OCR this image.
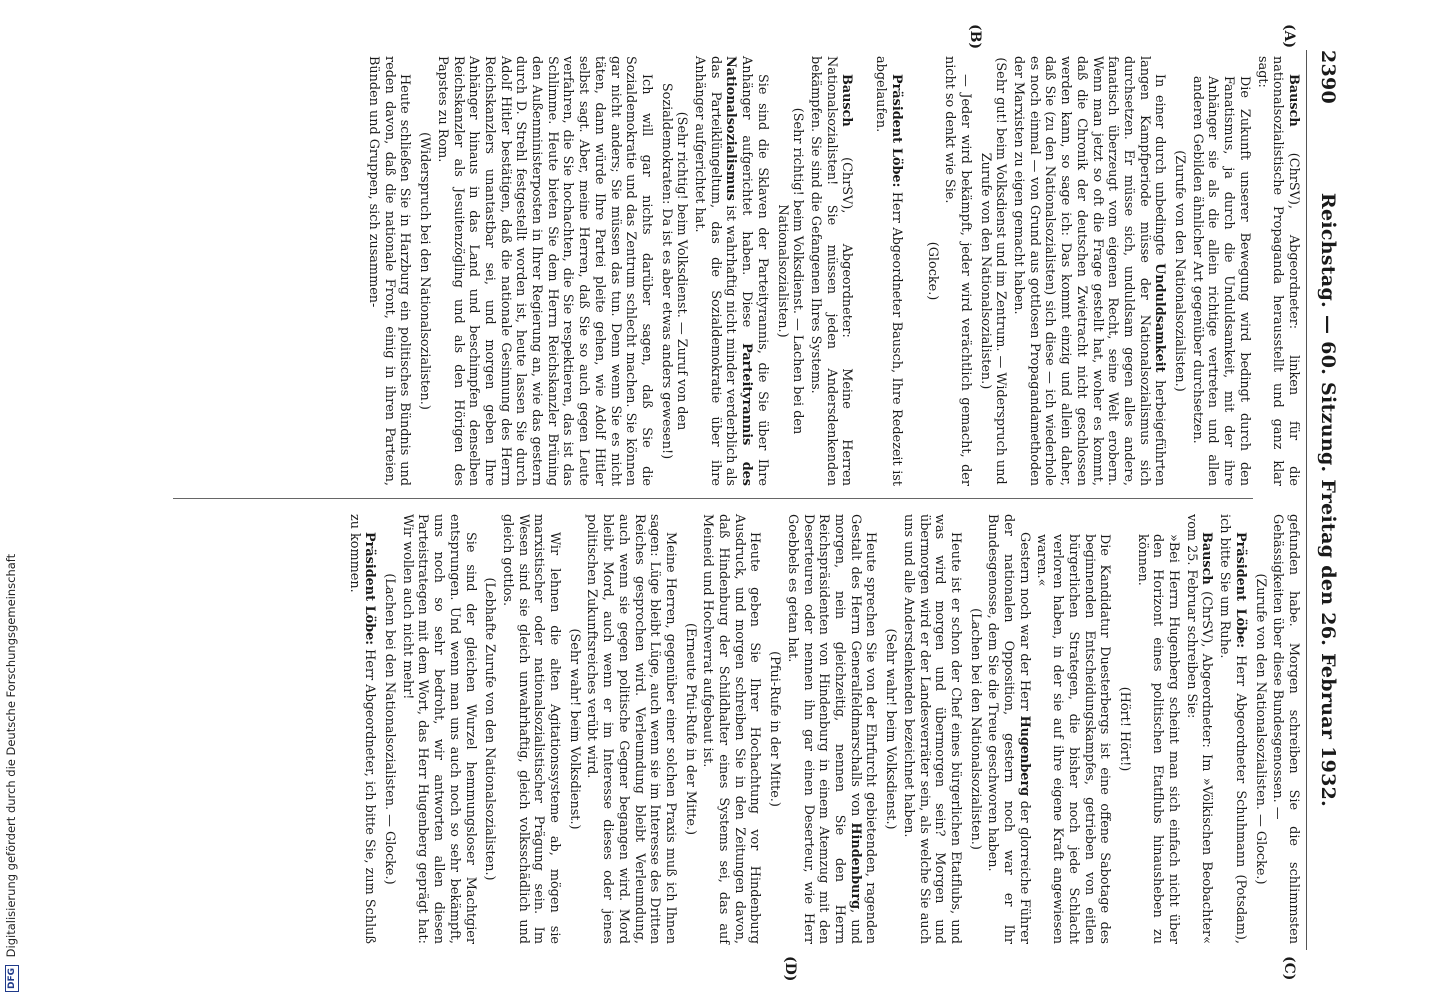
DFG Digitalisierung gefördert durch die Deutsche Forschungsgemeinschaft
2390
Reichstag. — 60. Sitzung. Freitag den 26. Februar 1932.
(A)
(B)
(C)
(D)

Bausch (ChrSV), Abgeordneter: linken für die nationalsozialistische Propaganda herausstellt und ganz klar sagt:

Die Zukunft unserer Bewegung wird bedingt durch den Fanatismus, ja durch die Unduldsamkeit, mit der ihre Anhänger sie als die allein richtige vertreten und allen anderen Gebilden ähnlicher Art gegenüber durchsetzen.

(Zurufe von den Nationalsozialisten.)

In einer durch unbedingte Unduldsamkeit herbeigeführten langen Kampfperiode müsse der Nationalsozialismus sich durchsetzen. Er müsse sich, unduldsam gegen alles andere, fanatisch überzeugt vom eigenen Recht, seine Welt erobern. Wenn man jetzt so oft die Frage gestellt hat, woher es kommt, daß die Chronik der deutschen Zwietracht nicht geschlossen werden kann, so sage ich: Das kommt einzig und allein daher, daß Sie (zu den Nationalsozialisten) sich diese — ich wiederhole es noch einmal — von Grund aus gottlosen Propagandamethoden der Marxisten zu eigen gemacht haben.

(Sehr gut! beim Volksdienst und im Zentrum. — Widerspruch und Zurufe von den Nationalsozialisten.)

— Jeder wird bekämpft, jeder wird verächtlich gemacht, der nicht so denkt wie Sie.

(Glocke.)

Präsident Löbe: Herr Abgeordneter Bausch, Ihre Redezeit ist abgelaufen.

Bausch (ChrSV), Abgeordneter: Meine Herren Nationalsozialisten! Sie müssen jeden Andersdenkenden bekämpfen. Sie sind die Gefangenen Ihres Systems.

(Sehr richtig! beim Volksdienst. — Lachen bei den Nationalsozialisten.)

Sie sind die Sklaven der Parteityrannis, die Sie über Ihre Anhänger aufgerichtet haben. Diese Parteityrannis des Nationalsozialismus ist wahrhaftig nicht minder verderblich als das Parteiklüngeltum, das die Sozialdemokratie über ihre Anhänger aufgerichtet hat.

(Sehr richtig! beim Volksdienst. — Zuruf von den Sozialdemokraten: Da ist es aber etwas anders gewesen!)

Ich will gar nichts darüber sagen, daß Sie die Sozialdemokratie und das Zentrum schlecht machen. Sie können gar nicht anders; Sie müssen das tun. Denn wenn Sie es nicht täten, dann würde Ihre Partei pleite gehen, wie Adolf Hitler selbst sagt. Aber, meine Herren, daß Sie so auch gegen Leute verfahren, die Sie hochachten, die Sie respektieren, das ist das Schlimme. Heute bieten Sie dem Herrn Reichskanzler Brüning den Außenministerposten in Ihrer Regierung an, wie das gestern durch D. Strehl festgestellt worden ist, heute lassen Sie durch Adolf Hitler bestätigen, daß die nationale Gesinnung des Herrn Reichskanzlers unantastbar sei, und morgen geben Ihre Anhänger hinaus in das Land und beschimpfen denselben Reichskanzler als Jesuitenzögling und als den Hörigen des Papstes zu Rom.

(Widerspruch bei den Nationalsozialisten.)

Heute schließen Sie in Harzburg ein politisches Bündnis und reden davon, daß die nationale Front, einig in ihren Parteien, Bünden und Gruppen, sich zusammen-

gefunden habe. Morgen schreiben Sie die schlimmsten Gehässigkeiten über diese Bundesgenossen. —

(Zurufe von den Nationalsozialisten. — Glocke.)

Präsident Löbe: Herr Abgeordneter Schuhmann (Potsdam), ich bitte Sie um Ruhe.

Bausch (ChrSV), Abgeordneter: Im »Völkischen Beobachter« vom 25. Februar schreiben Sie:

»Bei Herrn Hugenberg scheint man sich einfach nicht über den Horizont eines politischen Etatflubs hinausheben zu können.

(Hört! Hört!)

Die Kandidatur Duesterbergs ist eine offene Sabotage des beginnenden Entscheidungskampfes, getrieben von eitlen bürgerlichen Strategen, die bisher noch jede Schlacht verloren haben, in der sie auf ihre eigene Kraft angewiesen waren.«

Gestern noch war der Herr Hugenberg der glorreiche Führer der nationalen Opposition, gestern noch war er Ihr Bundesgenosse, dem Sie die Treue geschworen haben.

(Lachen bei den Nationalsozialisten.)

Heute ist er schon der Chef eines bürgerlichen Etatflubs, und was wird morgen und übermorgen sein? Morgen und übermorgen wird er der Landesverräter sein, als welche Sie auch uns und alle Andersdenkenden bezeichnet haben.

(Sehr wahr! beim Volksdienst.)

Heute sprechen Sie von der Ehrfurcht gebietenden, ragenden Gestalt des Herrn Generalfeldmarschalls von Hindenburg, und morgen, nein gleichzeitig, nennen Sie den Herrn Reichspräsidenten von Hindenburg in einem Atemzug mit den Deserteuren oder nennen ihn gar einen Deserteur, wie Herr Goebbels es getan hat.

(Pfui-Rufe in der Mitte.)

Heute geben Sie Ihrer Hochachtung vor Hindenburg Ausdruck, und morgen schreiben Sie in den Zeitungen davon, daß Hindenburg der Schildhalter eines Systems sei, das auf Meineid und Hochverrat aufgebaut ist.

(Erneute Pfui-Rufe in der Mitte.)

Meine Herren, gegenüber einer solchen Praxis muß ich Ihnen sagen: Lüge bleibt Lüge, auch wenn sie im Interesse des Dritten Reiches gesprochen wird. Verleumdung bleibt Verleumdung, auch wenn sie gegen politische Gegner begangen wird. Mord bleibt Mord, auch wenn er im Interesse dieses oder jenes politischen Zukunftsreiches verübt wird.

(Sehr wahr! beim Volksdienst.)

Wir lehnen die alten Agitationssysteme ab, mögen sie marxistischer oder nationalsozialistischer Prägung sein. Im Wesen sind sie gleich unwahrhaftig, gleich volksschädlich und gleich gottlos.

(Lebhafte Zurufe von den Nationalsozialisten.)

Sie sind der gleichen Wurzel hemmungsloser Machtgier entsprungen. Und wenn man uns auch noch so sehr bekämpft, uns noch so sehr bedroht, wir antworten allen diesen Parteistrategen mit dem Wort, das Herr Hugenberg geprägt hat: Wir wollen auch nicht mehr!

(Lachen bei den Nationalsozialisten. — Glocke.)

Präsident Löbe: Herr Abgeordneter, ich bitte Sie, zum Schluß zu kommen.
